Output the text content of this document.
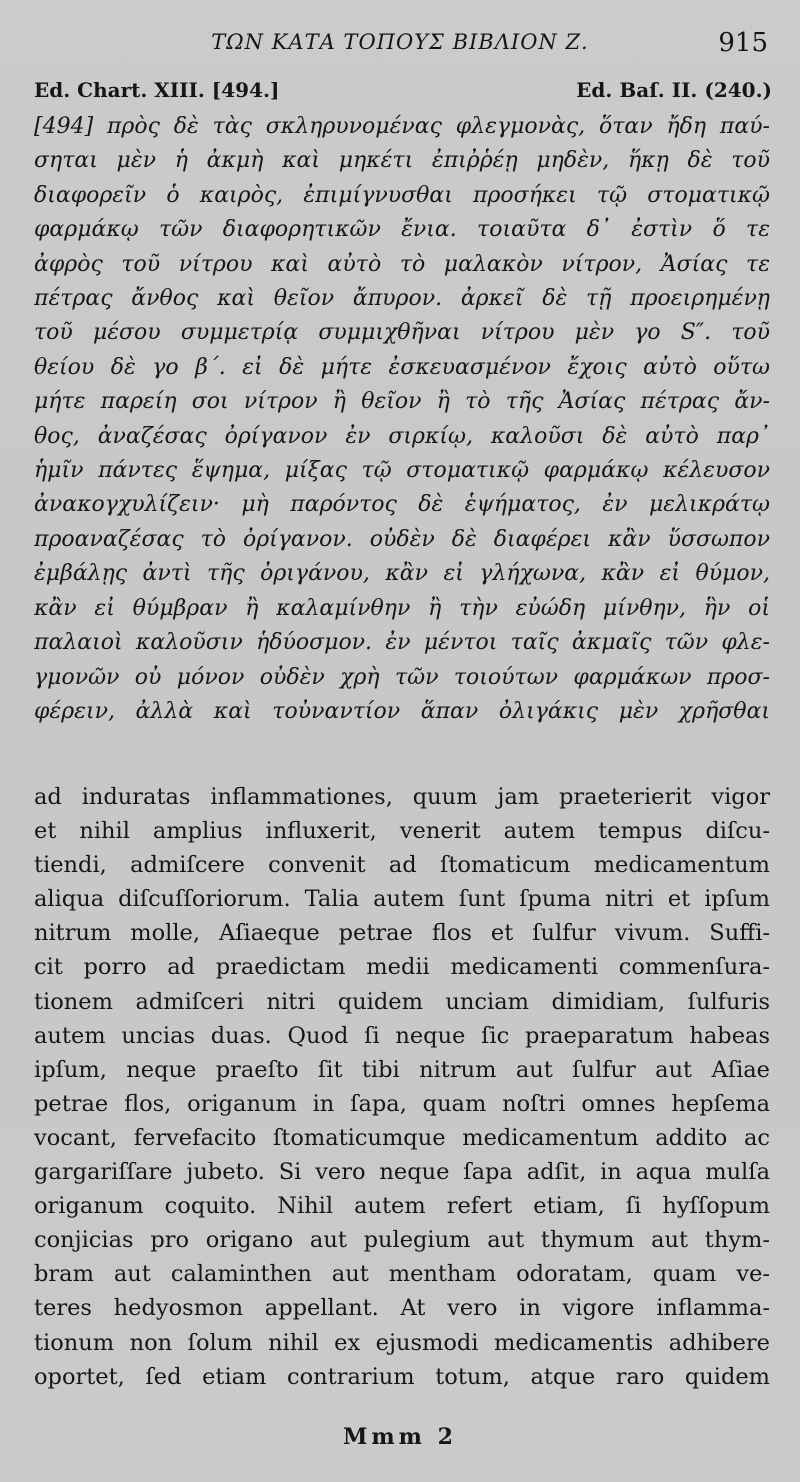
ΤΩΝ ΚΑΤΑ ΤΟΠΟΥΣ ΒΙΒΛΙΟΝ Ζ.	915
Ed. Chart. XIII. [494.]	Ed. Baſ. II. (240.)
[494] πρὸς δὲ τὰς σκληρυνομένας φλεγμονὰς, ὅταν ἤδη παύ-
σηται μὲν ἡ ἀκμὴ καὶ μηκέτι ἐπιῤῥέῃ μηδὲν, ἥκῃ δὲ τοῦ
διαφορεῖν ὁ καιρὸς, ἐπιμίγνυσθαι προσήκει τῷ στοματικῷ
φαρμάκῳ τῶν διαφορητικῶν ἔνια. τοιαῦτα δ᾽ ἐστὶν ὅ τε
ἀφρὸς τοῦ νίτρου καὶ αὐτὸ τὸ μαλακὸν νίτρον, Ἀσίας τε
πέτρας ἄνθος καὶ θεῖον ἄπυρον. ἀρκεῖ δὲ τῇ προειρημένῃ
τοῦ μέσου συμμετρίᾳ συμμιχθῆναι νίτρου μὲν γο S″. τοῦ
θείου δὲ γο β΄. εἰ δὲ μήτε ἐσκευασμένον ἔχοις αὐτὸ οὕτω
μήτε παρείη σοι νίτρον ἢ θεῖον ἢ τὸ τῆς Ἀσίας πέτρας ἄν-
θος, ἀναζέσας ὀρίγανον ἐν σιρκίῳ, καλοῦσι δὲ αὐτὸ παρ᾽
ἡμῖν πάντες ἕψημα, μίξας τῷ στοματικῷ φαρμάκῳ κέλευσον
ἀνακογχυλίζειν· μὴ παρόντος δὲ ἑψήματος, ἐν μελικράτῳ
προαναζέσας τὸ ὀρίγανον. οὐδὲν δὲ διαφέρει κἂν ὕσσωπον
ἐμβάλῃς ἀντὶ τῆς ὀριγάνου, κἂν εἰ γλήχωνα, κἂν εἰ θύμον,
κἂν εἰ θύμβραν ἢ καλαμίνθην ἢ τὴν εὐώδη μίνθην, ἣν οἱ
παλαιοὶ καλοῦσιν ἡδύοσμον. ἐν μέντοι ταῖς ἀκμαῖς τῶν φλε-
γμονῶν οὐ μόνον οὐδὲν χρὴ τῶν τοιούτων φαρμάκων προσ-
φέρειν, ἀλλὰ καὶ τοὐναντίον ἅπαν ὀλιγάκις μὲν χρῆσθαι
ad induratas inflammationes, quum jam praeterierit vigor
et nihil amplius influxerit, venerit autem tempus diſcu-
tiendi, admiſcere convenit ad ſtomaticum medicamentum
aliqua diſcuſſoriorum. Talia autem ſunt ſpuma nitri et ipſum
nitrum molle, Aſiaeque petrae flos et ſulfur vivum. Suffi-
cit porro ad praedictam medii medicamenti commenſura-
tionem admiſceri nitri quidem unciam dimidiam, ſulfuris
autem uncias duas. Quod ſi neque ſic praeparatum habeas
ipſum, neque praeſto ſit tibi nitrum aut ſulfur aut Aſiae
petrae flos, origanum in ſapa, quam noſtri omnes hepſema
vocant, fervefacito ſtomaticumque medicamentum addito ac
gargariſſare jubeto. Si vero neque ſapa adſit, in aqua mulſa
origanum coquito. Nihil autem refert etiam, ſi hyſſopum
conjicias pro origano aut pulegium aut thymum aut thym-
bram aut calaminthen aut mentham odoratam, quam ve-
teres hedyosmon appellant. At vero in vigore inflamma-
tionum non ſolum nihil ex ejusmodi medicamentis adhibere
oportet, ſed etiam contrarium totum, atque raro quidem
Mmm 2
